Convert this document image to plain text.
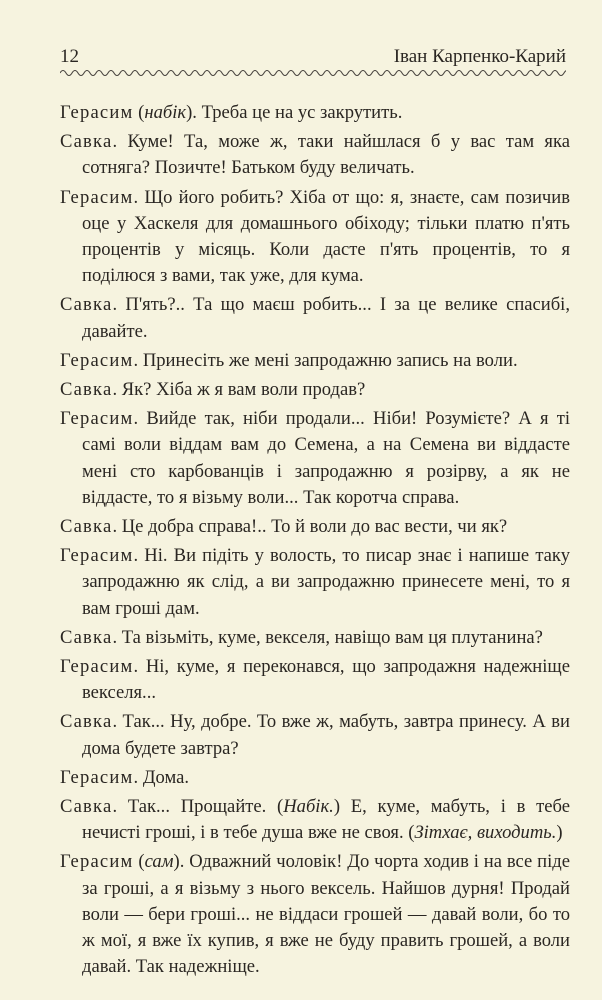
12	Іван Карпенко-Карий

Герасим (набік). Треба це на ус закрутить.

Савка. Куме! Та, може ж, таки найшлася б у вас там яка сотняга? Позичте! Батьком буду величать.

Герасим. Що його робить? Хіба от що: я, знаєте, сам позичив оце у Хаскеля для домашнього обіходу; тільки платю п'ять процентів у місяць. Коли дасте п'ять процентів, то я поділюся з вами, так уже, для кума.

Савка. П'ять?.. Та що маєш робить... І за це велике спасибі, давайте.

Герасим. Принесіть же мені запродажню запись на воли.

Савка. Як? Хіба ж я вам воли продав?

Герасим. Вийде так, ніби продали... Ніби! Розумієте? А я ті самі воли віддам вам до Семена, а на Семена ви віддасте мені сто карбованців і запродажню я розірву, а як не віддасте, то я візьму воли... Так коротча справа.

Савка. Це добра справа!.. То й воли до вас вести, чи як?

Герасим. Ні. Ви підіть у волость, то писар знає і напише таку запродажню як слід, а ви запродажню принесете мені, то я вам гроші дам.

Савка. Та візьміть, куме, векселя, навіщо вам ця плутанина?

Герасим. Ні, куме, я переконався, що запродажня надежніще векселя...

Савка. Так... Ну, добре. То вже ж, мабуть, завтра принесу. А ви дома будете завтра?

Герасим. Дома.

Савка. Так... Прощайте. (Набік.) Е, куме, мабуть, і в тебе нечисті гроші, і в тебе душа вже не своя. (Зітхає, виходить.)

Герасим (сам). Одважний чоловік! До чорта ходив і на все піде за гроші, а я візьму з нього вексель. Найшов дурня! Продай воли — бери гроші... не віддаси грошей — давай воли, бо то ж мої, я вже їх купив, я вже не буду править грошей, а воли давай. Так надежніще.
